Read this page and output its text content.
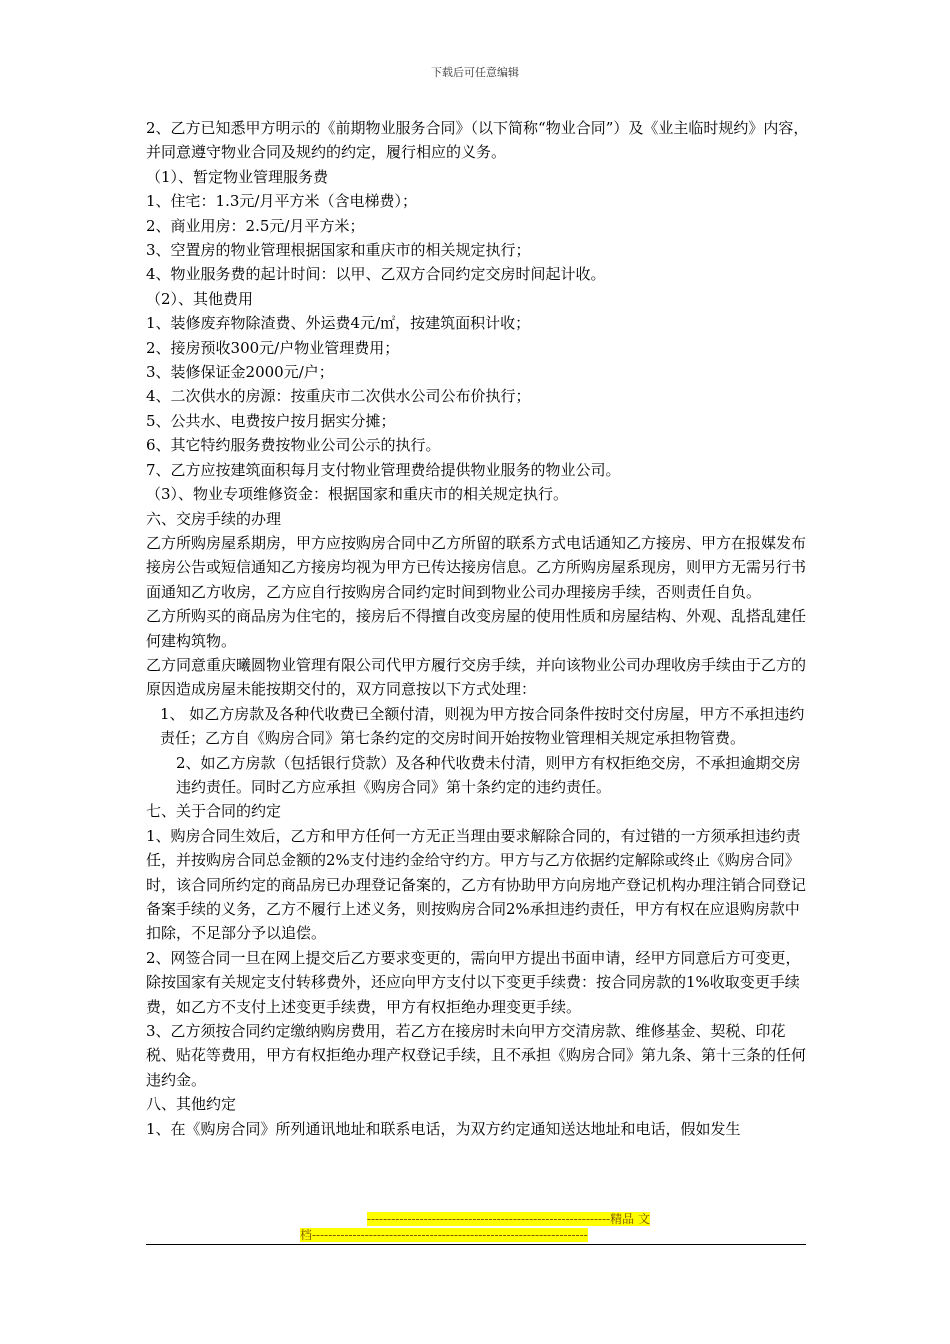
下载后可任意编辑

2、乙方已知悉甲方明示的《前期物业服务合同》（以下简称“物业合同”）及《业主临时规约》内容，并同意遵守物业合同及规约的约定，履行相应的义务。

（1）、暂定物业管理服务费

1、住宅：1.3元/月平方米（含电梯费）；

2、商业用房：2.5元/月平方米；

3、空置房的物业管理根据国家和重庆市的相关规定执行；

4、物业服务费的起计时间：以甲、乙双方合同约定交房时间起计收。

（2）、其他费用

1、装修废弃物除渣费、外运费4元/㎡，按建筑面积计收；

2、接房预收300元/户物业管理费用；

3、装修保证金2000元/户；

4、二次供水的房源：按重庆市二次供水公司公布价执行；

5、公共水、电费按户按月据实分摊；

6、其它特约服务费按物业公司公示的执行。

7、乙方应按建筑面积每月支付物业管理费给提供物业服务的物业公司。

（3）、物业专项维修资金：根据国家和重庆市的相关规定执行。

六、交房手续的办理

乙方所购房屋系期房，甲方应按购房合同中乙方所留的联系方式电话通知乙方接房、甲方在报媒发布接房公告或短信通知乙方接房均视为甲方已传达接房信息。乙方所购房屋系现房，则甲方无需另行书面通知乙方收房，乙方应自行按购房合同约定时间到物业公司办理接房手续，否则责任自负。

乙方所购买的商品房为住宅的，接房后不得擅自改变房屋的使用性质和房屋结构、外观、乱搭乱建任何建构筑物。

乙方同意重庆曦圆物业管理有限公司代甲方履行交房手续，并向该物业公司办理收房手续由于乙方的原因造成房屋未能按期交付的，双方同意按以下方式处理：

1、 如乙方房款及各种代收费已全额付清，则视为甲方按合同条件按时交付房屋，甲方不承担违约责任；乙方自《购房合同》第七条约定的交房时间开始按物业管理相关规定承担物管费。

2、如乙方房款（包括银行贷款）及各种代收费未付清，则甲方有权拒绝交房，不承担逾期交房违约责任。同时乙方应承担《购房合同》第十条约定的违约责任。

七、关于合同的约定

1、购房合同生效后，乙方和甲方任何一方无正当理由要求解除合同的，有过错的一方须承担违约责任，并按购房合同总金额的2%支付违约金给守约方。甲方与乙方依据约定解除或终止《购房合同》时，该合同所约定的商品房已办理登记备案的，乙方有协助甲方向房地产登记机构办理注销合同登记备案手续的义务，乙方不履行上述义务，则按购房合同2%承担违约责任，甲方有权在应退购房款中扣除，不足部分予以追偿。

2、网签合同一旦在网上提交后乙方要求变更的，需向甲方提出书面申请，经甲方同意后方可变更，除按国家有关规定支付转移费外，还应向甲方支付以下变更手续费：按合同房款的1%收取变更手续费，如乙方不支付上述变更手续费，甲方有权拒绝办理变更手续。

3、乙方须按合同约定缴纳购房费用，若乙方在接房时未向甲方交清房款、维修基金、契税、印花税、贴花等费用，甲方有权拒绝办理产权登记手续，且不承担《购房合同》第九条、第十三条的任何违约金。

八、其他约定

1、在《购房合同》所列通讯地址和联系电话，为双方约定通知送达地址和电话，假如发生

------------------------------------------------------------精品 文
档--------------------------------------------------------------------
